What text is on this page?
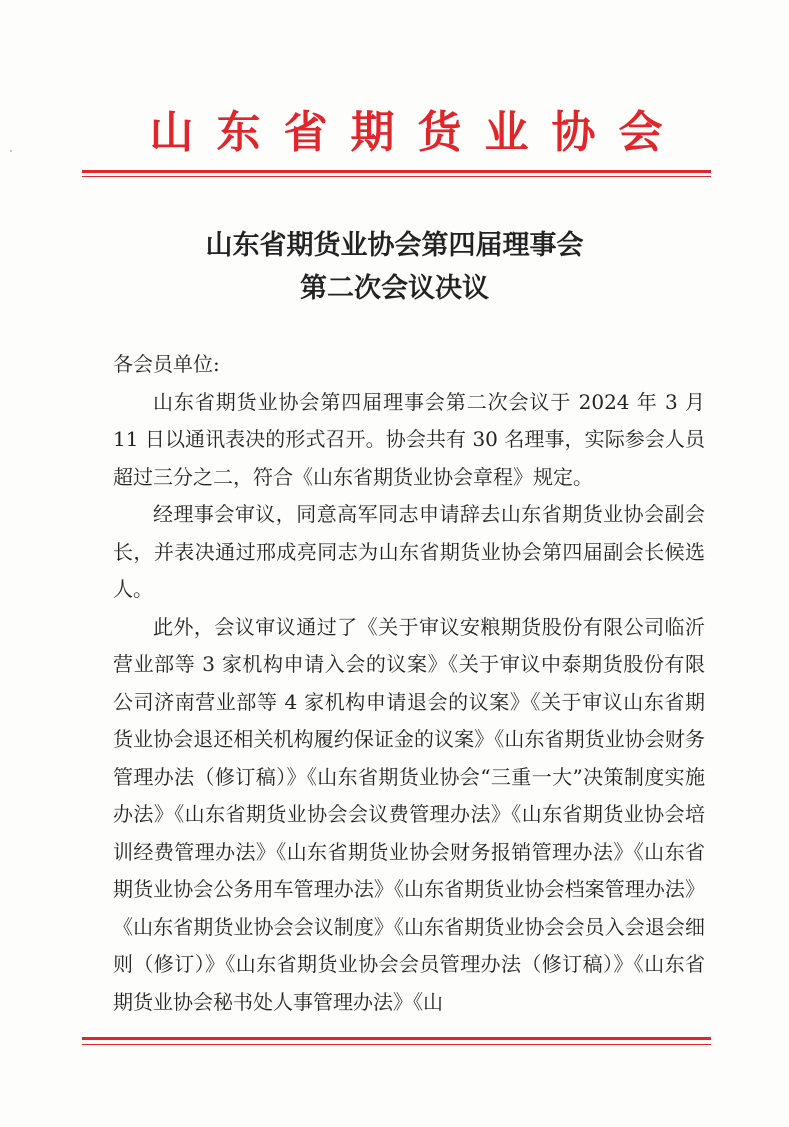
山东省期货业协会
山东省期货业协会第四届理事会
第二次会议决议

各会员单位:

山东省期货业协会第四届理事会第二次会议于 2024 年 3 月 11 日以通讯表决的形式召开。协会共有 30 名理事，实际参会人员超过三分之二，符合《山东省期货业协会章程》规定。

经理事会审议，同意高军同志申请辞去山东省期货业协会副会长，并表决通过邢成亮同志为山东省期货业协会第四届副会长候选人。

此外，会议审议通过了《关于审议安粮期货股份有限公司临沂营业部等 3 家机构申请入会的议案》《关于审议中泰期货股份有限公司济南营业部等 4 家机构申请退会的议案》《关于审议山东省期货业协会退还相关机构履约保证金的议案》《山东省期货业协会财务管理办法（修订稿）》《山东省期货业协会“三重一大”决策制度实施办法》《山东省期货业协会会议费管理办法》《山东省期货业协会培训经费管理办法》《山东省期货业协会财务报销管理办法》《山东省期货业协会公务用车管理办法》《山东省期货业协会档案管理办法》《山东省期货业协会会议制度》《山东省期货业协会会员入会退会细则（修订）》《山东省期货业协会会员管理办法（修订稿）》《山东省期货业协会秘书处人事管理办法》《山
